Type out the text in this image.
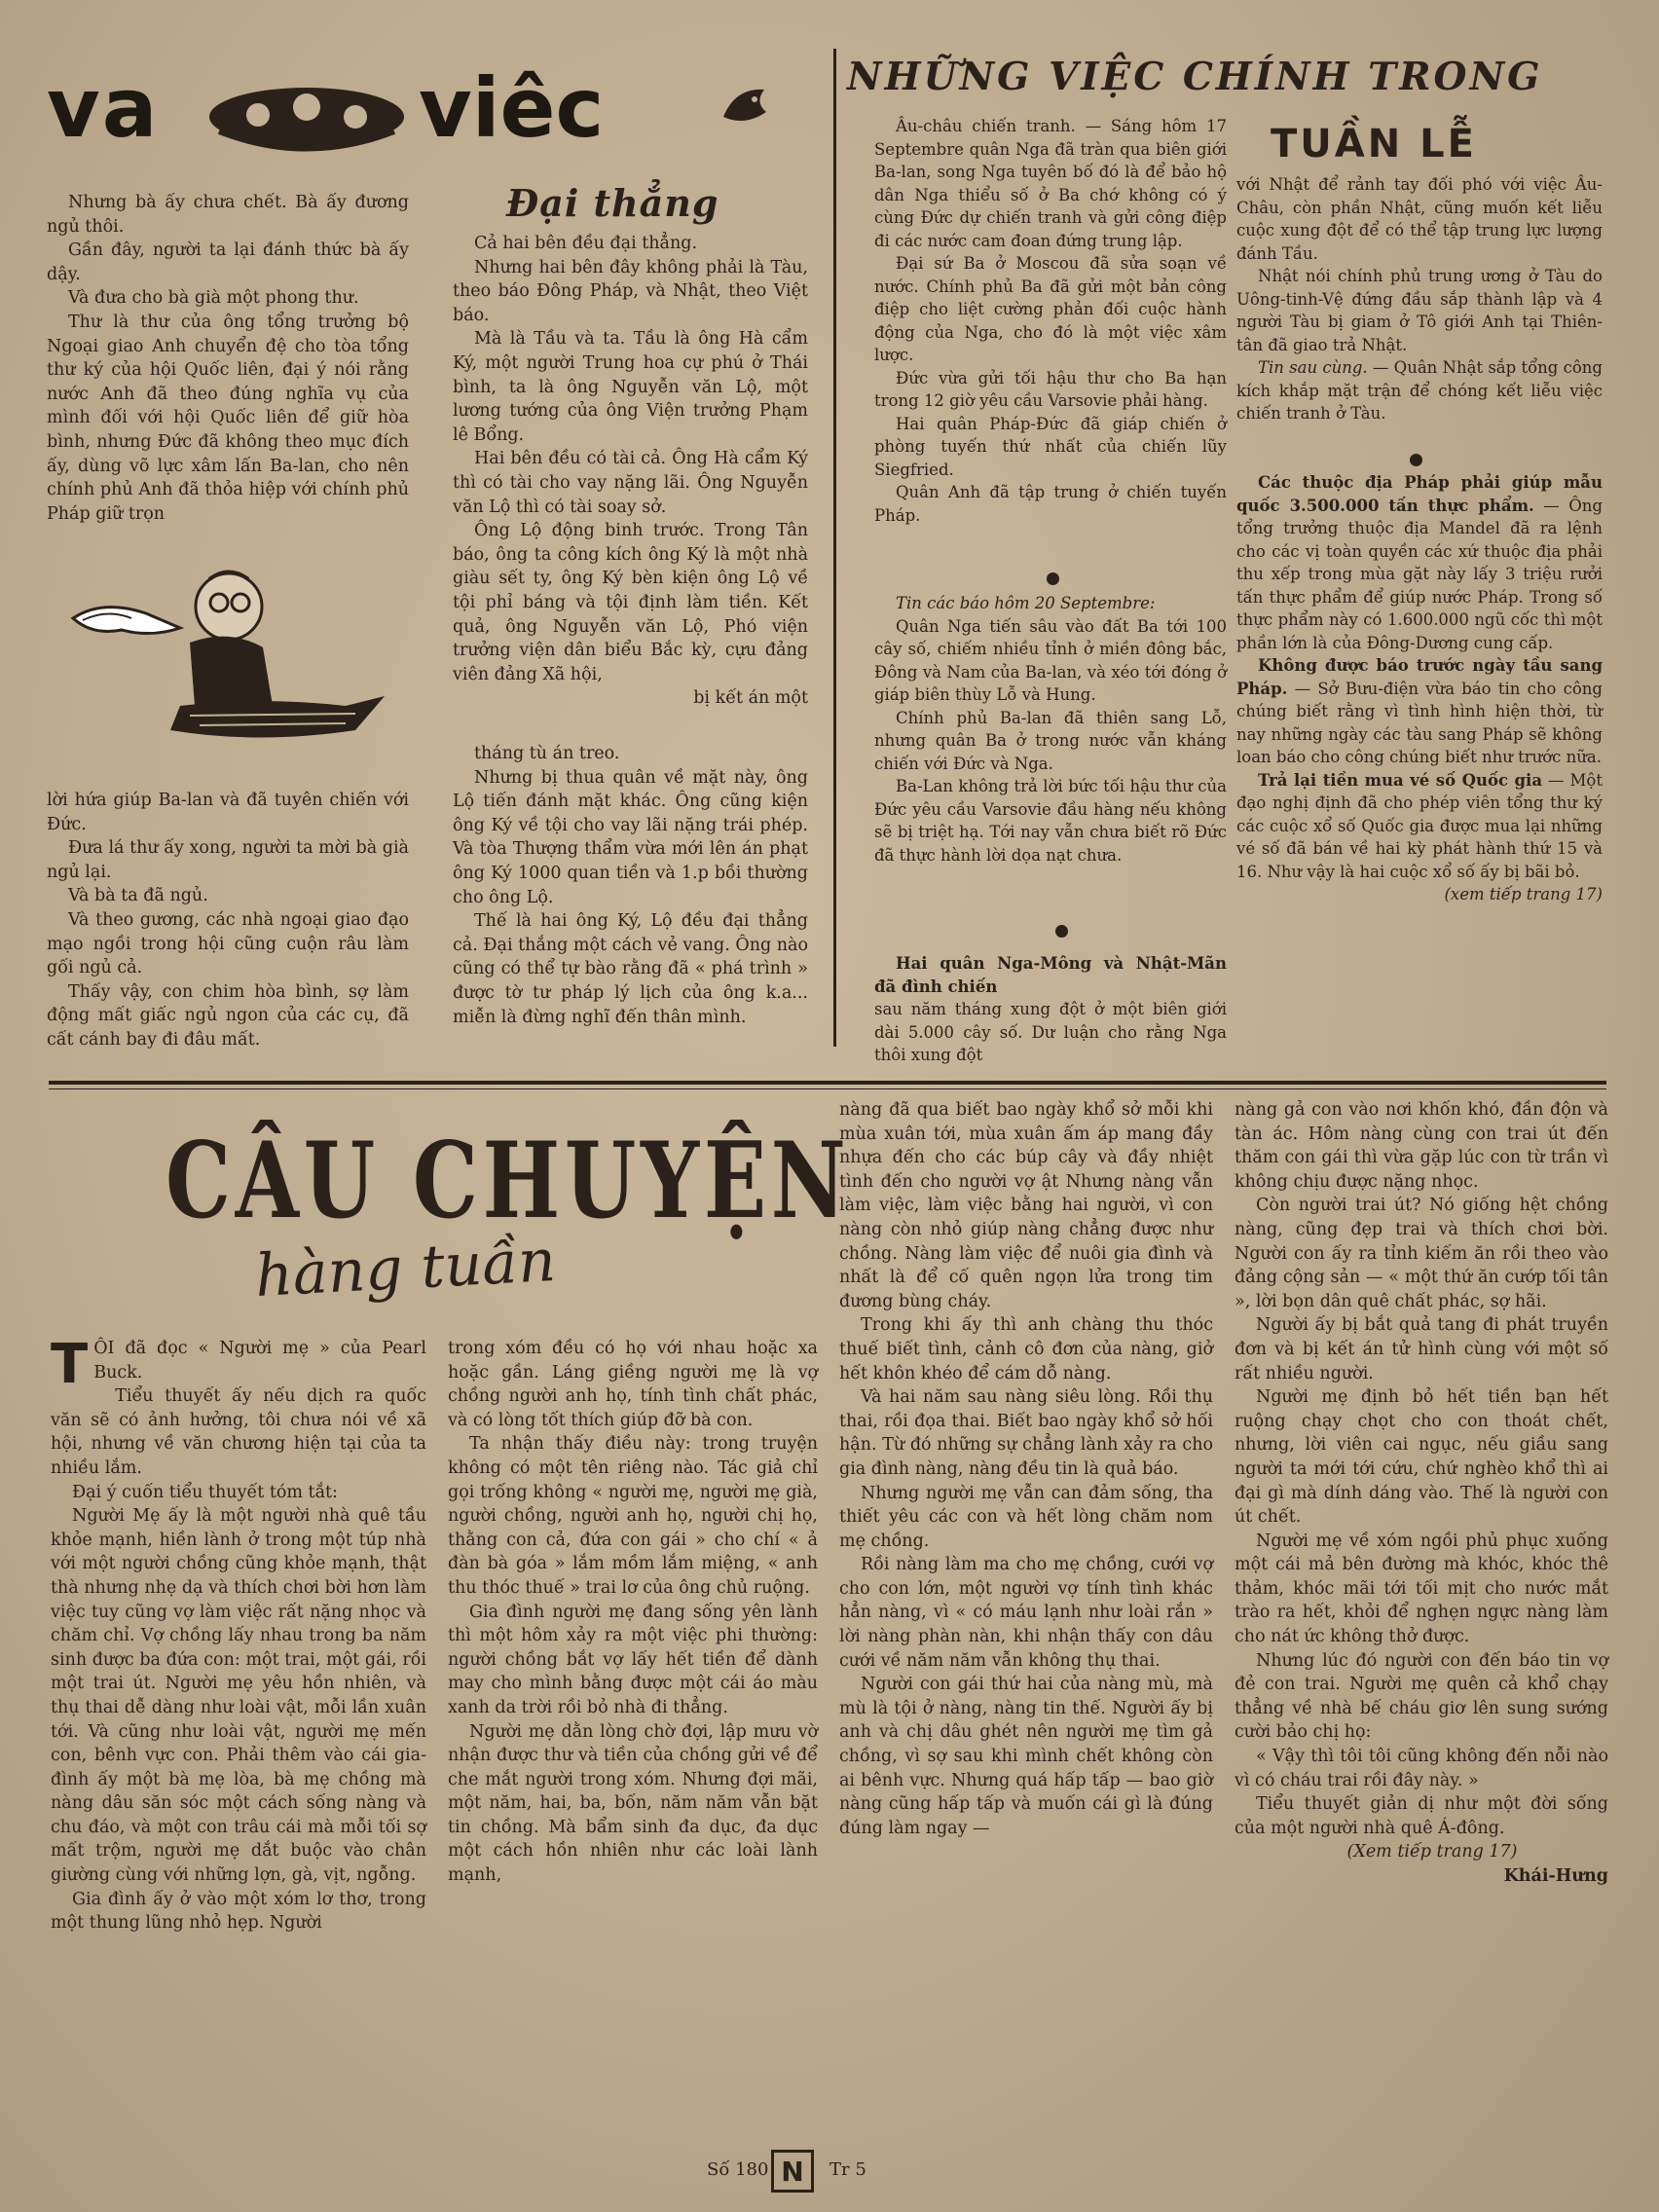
va	viêc
Đại thẳng

Nhưng bà ấy chưa chết. Bà ấy đương ngủ thôi.

Gần đây, người ta lại đánh thức bà ấy dậy.

Và đưa cho bà già một phong thư.

Thư là thư của ông tổng trưởng bộ Ngoại giao Anh chuyển đệ cho tòa tổng thư ký của hội Quốc liên, đại ý nói rằng nước Anh đã theo đúng nghĩa vụ của mình đối với hội Quốc liên để giữ hòa bình, nhưng Đức đã không theo mục đích ấy, dùng võ lực xâm lấn Ba-lan, cho nên chính phủ Anh đã thỏa hiệp với chính phủ Pháp giữ trọn

lời hứa giúp Ba-lan và đã tuyên chiến với Đức.

Đưa lá thư ấy xong, người ta mời bà già ngủ lại.

Và bà ta đã ngủ.

Và theo gương, các nhà ngoại giao đạo mạo ngồi trong hội cũng cuộn râu làm gối ngủ cả.

Thấy vậy, con chim hòa bình, sợ làm động mất giấc ngủ ngon của các cụ, đã cất cánh bay đi đâu mất.

Cả hai bên đều đại thẳng.

Nhưng hai bên đây không phải là Tàu, theo báo Đông Pháp, và Nhật, theo Việt báo.

Mà là Tầu và ta. Tầu là ông Hà cẩm Ký, một người Trung hoa cự phú ở Thái bình, ta là ông Nguyễn văn Lộ, một lương tướng của ông Viện trưởng Phạm lê Bổng.

Hai bên đều có tài cả. Ông Hà cẩm Ký thì có tài cho vay nặng lãi. Ông Nguyễn văn Lộ thì có tài soay sở.

Ông Lộ động binh trước. Trong Tân báo, ông ta công kích ông Ký là một nhà giàu sết ty, ông Ký bèn kiện ông Lộ về tội phỉ báng và tội định làm tiền. Kết quả, ông Nguyễn văn Lộ, Phó viện trưởng viện dân biểu Bắc kỳ, cựu đảng viên đảng Xã hội,

bị kết án một

tháng tù án treo.

Nhưng bị thua quân về mặt này, ông Lộ tiến đánh mặt khác. Ông cũng kiện ông Ký về tội cho vay lãi nặng trái phép. Và tòa Thượng thẩm vừa mới lên án phạt ông Ký 1000 quan tiền và 1.p bồi thường cho ông Lộ.

Thế là hai ông Ký, Lộ đều đại thẳng cả. Đại thắng một cách vẻ vang. Ông nào cũng có thể tự bào rằng đã « phá trình » được tờ tư pháp lý lịch của ông k.a... miễn là đừng nghĩ đến thân mình.

NHỮNG VIỆC CHÍNH TRONG
TUẦN LỄ

Âu-châu chiến tranh. — Sáng hôm 17 Septembre quân Nga đã tràn qua biên giới Ba-lan, song Nga tuyên bố đó là để bảo hộ dân Nga thiểu số ở Ba chớ không có ý cùng Đức dự chiến tranh và gửi công điệp đi các nước cam đoan đứng trung lập.

Đại sứ Ba ở Moscou đã sửa soạn về nước. Chính phủ Ba đã gửi một bản công điệp cho liệt cường phản đối cuộc hành động của Nga, cho đó là một việc xâm lược.

Đức vừa gửi tối hậu thư cho Ba hạn trong 12 giờ yêu cầu Varsovie phải hàng.

Hai quân Pháp-Đức đã giáp chiến ở phòng tuyến thứ nhất của chiến lũy Siegfried.

Quân Anh đã tập trung ở chiến tuyến Pháp.

Tin các báo hôm 20 Septembre:

Quân Nga tiến sâu vào đất Ba tới 100 cây số, chiếm nhiều tỉnh ở miền đông bắc, Đông và Nam của Ba-lan, và xéo tới đóng ở giáp biên thùy Lỗ và Hung.

Chính phủ Ba-lan đã thiên sang Lỗ, nhưng quân Ba ở trong nước vẫn kháng chiến với Đức và Nga.

Ba-Lan không trả lời bức tối hậu thư của Đức yêu cầu Varsovie đầu hàng nếu không sẽ bị triệt hạ. Tới nay vẫn chưa biết rõ Đức đã thực hành lời dọa nạt chưa.

Hai quân Nga-Mông và Nhật-Mãn đã đình chiến

sau năm tháng xung đột ở một biên giới dài 5.000 cây số. Dư luận cho rằng Nga thôi xung đột

với Nhật để rảnh tay đối phó với việc Âu-Châu, còn phần Nhật, cũng muốn kết liễu cuộc xung đột để có thể tập trung lực lượng đánh Tầu.

Nhật nói chính phủ trung ương ở Tàu do Uông-tinh-Vệ đứng đầu sắp thành lập và 4 người Tàu bị giam ở Tô giới Anh tại Thiên-tân đã giao trả Nhật.

Tin sau cùng. — Quân Nhật sắp tổng công kích khắp mặt trận để chóng kết liễu việc chiến tranh ở Tàu.

Các thuộc địa Pháp phải giúp mẫu quốc 3.500.000 tấn thực phẩm. — Ông tổng trưởng thuộc địa Mandel đã ra lệnh cho các vị toàn quyền các xứ thuộc địa phải thu xếp trong mùa gặt này lấy 3 triệu rưởi tấn thực phẩm để giúp nước Pháp. Trong số thực phẩm này có 1.600.000 ngũ cốc thì một phần lớn là của Đông-Dương cung cấp.

Không được báo trước ngày tầu sang Pháp. — Sở Bưu-điện vừa báo tin cho công chúng biết rằng vì tình hình hiện thời, từ nay những ngày các tàu sang Pháp sẽ không loan báo cho công chúng biết như trước nữa.

Trả lại tiền mua vé số Quốc gia — Một đạo nghị định đã cho phép viên tổng thư ký các cuộc xổ số Quốc gia được mua lại những vé số đã bán về hai kỳ phát hành thứ 15 và 16. Như vậy là hai cuộc xổ số ấy bị bãi bỏ.

(xem tiếp trang 17)

CÂU CHUYỆN
hàng tuần

TÔI đã đọc « Người mẹ » của Pearl Buck.

Tiểu thuyết ấy nếu dịch ra quốc văn sẽ có ảnh hưởng, tôi chưa nói về xã hội, nhưng về văn chương hiện tại của ta nhiều lắm.

Đại ý cuốn tiểu thuyết tóm tắt:

Người Mẹ ấy là một người nhà quê tầu khỏe mạnh, hiền lành ở trong một túp nhà với một người chồng cũng khỏe mạnh, thật thà nhưng nhẹ dạ và thích chơi bời hơn làm việc tuy cũng vợ làm việc rất nặng nhọc và chăm chỉ. Vợ chồng lấy nhau trong ba năm sinh được ba đứa con: một trai, một gái, rồi một trai út. Người mẹ yêu hồn nhiên, và thụ thai dễ dàng như loài vật, mỗi lần xuân tới. Và cũng như loài vật, người mẹ mến con, bênh vực con. Phải thêm vào cái gia-đình ấy một bà mẹ lòa, bà mẹ chồng mà nàng dâu săn sóc một cách sống nàng và chu đáo, và một con trâu cái mà mỗi tối sợ mất trộm, người mẹ dắt buộc vào chân giường cùng với những lợn, gà, vịt, ngỗng.

Gia đình ấy ở vào một xóm lơ thơ, trong một thung lũng nhỏ hẹp. Người

trong xóm đều có họ với nhau hoặc xa hoặc gần. Láng giềng người mẹ là vợ chồng người anh họ, tính tình chất phác, và có lòng tốt thích giúp đỡ bà con.

Ta nhận thấy điều này: trong truyện không có một tên riêng nào. Tác giả chỉ gọi trống không « người mẹ, người mẹ già, người chồng, người anh họ, người chị họ, thằng con cả, đứa con gái » cho chí « ả đàn bà góa » lắm mồm lắm miệng, « anh thu thóc thuế » trai lơ của ông chủ ruộng.

Gia đình người mẹ đang sống yên lành thì một hôm xảy ra một việc phi thường: người chồng bắt vợ lấy hết tiền để dành may cho mình bằng được một cái áo màu xanh da trời rồi bỏ nhà đi thẳng.

Người mẹ dằn lòng chờ đợi, lập mưu vờ nhận được thư và tiền của chồng gửi về để che mắt người trong xóm. Nhưng đợi mãi, một năm, hai, ba, bốn, năm năm vẫn bặt tin chồng. Mà bẩm sinh đa dục, đa dục một cách hồn nhiên như các loài lành mạnh,

nàng đã qua biết bao ngày khổ sở mỗi khi mùa xuân tới, mùa xuân ấm áp mang đầy nhựa đến cho các búp cây và đầy nhiệt tình đến cho người vợ ật Nhưng nàng vẫn làm việc, làm việc bằng hai người, vì con nàng còn nhỏ giúp nàng chẳng được như chồng. Nàng làm việc để nuôi gia đình và nhất là để cố quên ngọn lửa trong tim đương bùng cháy.

Trong khi ấy thì anh chàng thu thóc thuế biết tình, cảnh cô đơn của nàng, giở hết khôn khéo để cám dỗ nàng.

Và hai năm sau nàng siêu lòng. Rồi thụ thai, rồi đọa thai. Biết bao ngày khổ sở hối hận. Từ đó những sự chẳng lành xảy ra cho gia đình nàng, nàng đều tin là quả báo.

Nhưng người mẹ vẫn can đảm sống, tha thiết yêu các con và hết lòng chăm nom mẹ chồng.

Rồi nàng làm ma cho mẹ chồng, cưới vợ cho con lớn, một người vợ tính tình khác hẳn nàng, vì « có máu lạnh như loài rắn » lời nàng phàn nàn, khi nhận thấy con dâu cưới về năm năm vẫn không thụ thai.

Người con gái thứ hai của nàng mù, mà mù là tội ở nàng, nàng tin thế. Người ấy bị anh và chị dâu ghét nên người mẹ tìm gả chồng, vì sợ sau khi mình chết không còn ai bênh vực. Nhưng quá hấp tấp — bao giờ nàng cũng hấp tấp và muốn cái gì là đúng đúng làm ngay —

nàng gả con vào nơi khốn khó, đần độn và tàn ác. Hôm nàng cùng con trai út đến thăm con gái thì vừa gặp lúc con từ trần vì không chịu được nặng nhọc.

Còn người trai út? Nó giống hệt chồng nàng, cũng đẹp trai và thích chơi bời. Người con ấy ra tỉnh kiếm ăn rồi theo vào đảng cộng sản — « một thứ ăn cướp tối tân », lời bọn dân quê chất phác, sợ hãi.

Người ấy bị bắt quả tang đi phát truyền đơn và bị kết án tử hình cùng với một số rất nhiều người.

Người mẹ định bỏ hết tiền bạn hết ruộng chạy chọt cho con thoát chết, nhưng, lời viên cai ngục, nếu giầu sang người ta mới tới cứu, chứ nghèo khổ thì ai đại gì mà dính dáng vào. Thế là người con út chết.

Người mẹ về xóm ngồi phủ phục xuống một cái mả bên đường mà khóc, khóc thê thảm, khóc mãi tới tối mịt cho nước mắt trào ra hết, khỏi để nghẹn ngực nàng làm cho nát ức không thở được.

Nhưng lúc đó người con đến báo tin vợ đẻ con trai. Người mẹ quên cả khổ chạy thẳng về nhà bế cháu giơ lên sung sướng cười bảo chị họ:

« Vậy thì tôi tôi cũng không đến nỗi nào vì có cháu trai rồi đây này. »

Tiểu thuyết giản dị như một đời sống của một người nhà quê Á-đông.

(Xem tiếp trang 17)

Khái-Hưng

Số 180 N Tr 5
